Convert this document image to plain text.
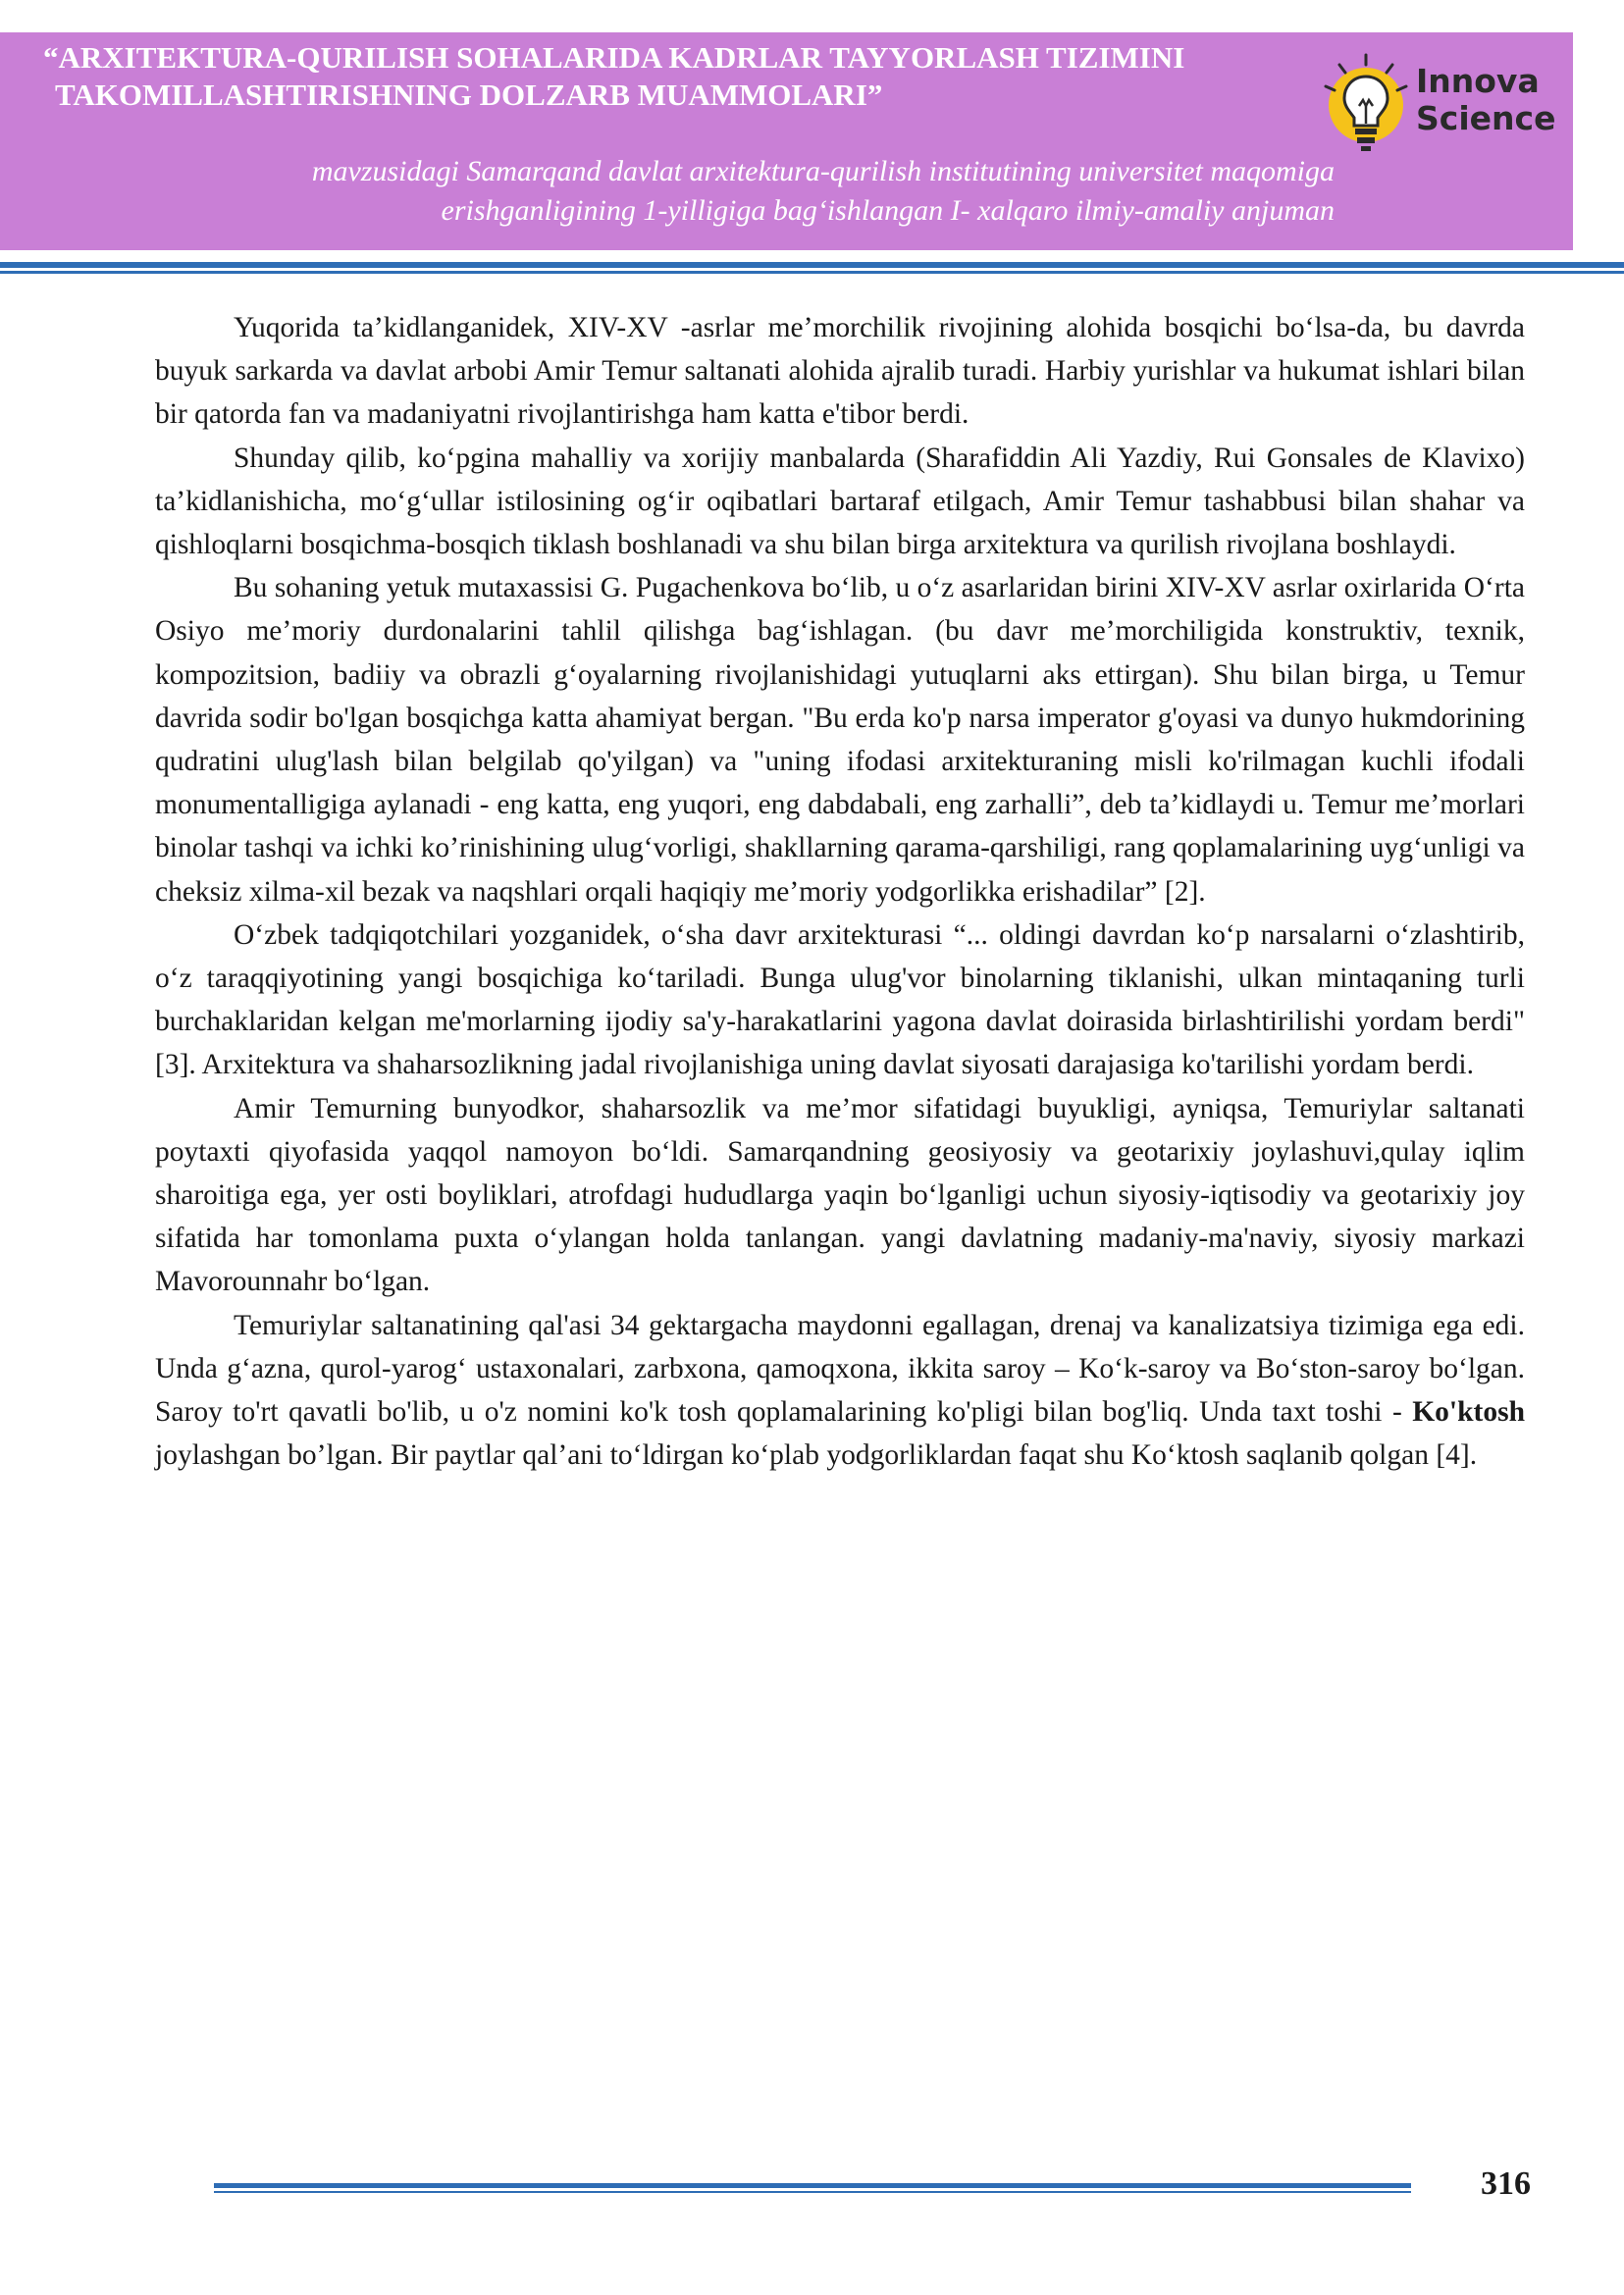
“ARXITEKTURA-QURILISH SOHALARIDA KADRLAR TAYYORLASH TIZIMINI
TAKOMILLASHTIRISHNING DOLZARB MUAMMOLARI”
mavzusidagi Samarqand davlat arxitektura-qurilish institutining universitet maqomiga
erishganligining 1-yilligiga bag‘ishlangan I- xalqaro ilmiy-amaliy anjuman
Innova
Science

Yuqorida ta’kidlanganidek, XIV-XV -asrlar me’morchilik rivojining alohida bosqichi bo‘lsa-da, bu davrda buyuk sarkarda va davlat arbobi Amir Temur saltanati alohida ajralib turadi. Harbiy yurishlar va hukumat ishlari bilan bir qatorda fan va madaniyatni rivojlantirishga ham katta e'tibor berdi.

Shunday qilib, ko‘pgina mahalliy va xorijiy manbalarda (Sharafiddin Ali Yazdiy, Rui Gonsales de Klavixo) ta’kidlanishicha, mo‘g‘ullar istilosining og‘ir oqibatlari bartaraf etilgach, Amir Temur tashabbusi bilan shahar va qishloqlarni bosqichma-bosqich tiklash boshlanadi va shu bilan birga arxitektura va qurilish rivojlana boshlaydi.

Bu sohaning yetuk mutaxassisi G. Pugachenkova bo‘lib, u o‘z asarlaridan birini XIV-XV asrlar oxirlarida O‘rta Osiyo me’moriy durdonalarini tahlil qilishga bag‘ishlagan. (bu davr me’morchiligida konstruktiv, texnik, kompozitsion, badiiy va obrazli g‘oyalarning rivojlanishidagi yutuqlarni aks ettirgan). Shu bilan birga, u Temur davrida sodir bo'lgan bosqichga katta ahamiyat bergan. "Bu erda ko'p narsa imperator g'oyasi va dunyo hukmdorining qudratini ulug'lash bilan belgilab qo'yilgan) va "uning ifodasi arxitekturaning misli ko'rilmagan kuchli ifodali monumentalligiga aylanadi - eng katta, eng yuqori, eng dabdabali, eng zarhalli”, deb ta’kidlaydi u. Temur me’morlari binolar tashqi va ichki ko’rinishining ulug‘vorligi, shakllarning qarama-qarshiligi, rang qoplamalarining uyg‘unligi va cheksiz xilma-xil bezak va naqshlari orqali haqiqiy me’moriy yodgorlikka erishadilar” [2].

O‘zbek tadqiqotchilari yozganidek, o‘sha davr arxitekturasi “... oldingi davrdan ko‘p narsalarni o‘zlashtirib, o‘z taraqqiyotining yangi bosqichiga ko‘tariladi. Bunga ulug'vor binolarning tiklanishi, ulkan mintaqaning turli burchaklaridan kelgan me'morlarning ijodiy sa'y-harakatlarini yagona davlat doirasida birlashtirilishi yordam berdi" [3]. Arxitektura va shaharsozlikning jadal rivojlanishiga uning davlat siyosati darajasiga ko'tarilishi yordam berdi.

Amir Temurning bunyodkor, shaharsozlik va me’mor sifatidagi buyukligi, ayniqsa, Temuriylar saltanati poytaxti qiyofasida yaqqol namoyon bo‘ldi. Samarqandning geosiyosiy va geotarixiy joylashuvi,qulay iqlim sharoitiga ega, yer osti boyliklari, atrofdagi hududlarga yaqin bo‘lganligi uchun siyosiy-iqtisodiy va geotarixiy joy sifatida har tomonlama puxta o‘ylangan holda tanlangan. yangi davlatning madaniy-ma'naviy, siyosiy markazi Mavorounnahr bo‘lgan.

Temuriylar saltanatining qal'asi 34 gektargacha maydonni egallagan, drenaj va kanalizatsiya tizimiga ega edi. Unda g‘azna, qurol-yarog‘ ustaxonalari, zarbxona, qamoqxona, ikkita saroy – Ko‘k-saroy va Bo‘ston-saroy bo‘lgan. Saroy to'rt qavatli bo'lib, u o'z nomini ko'k tosh qoplamalarining ko'pligi bilan bog'liq. Unda taxt toshi - Ko'ktosh joylashgan bo’lgan. Bir paytlar qal’ani to‘ldirgan ko‘plab yodgorliklardan faqat shu Ko‘ktosh saqlanib qolgan [4].

316
